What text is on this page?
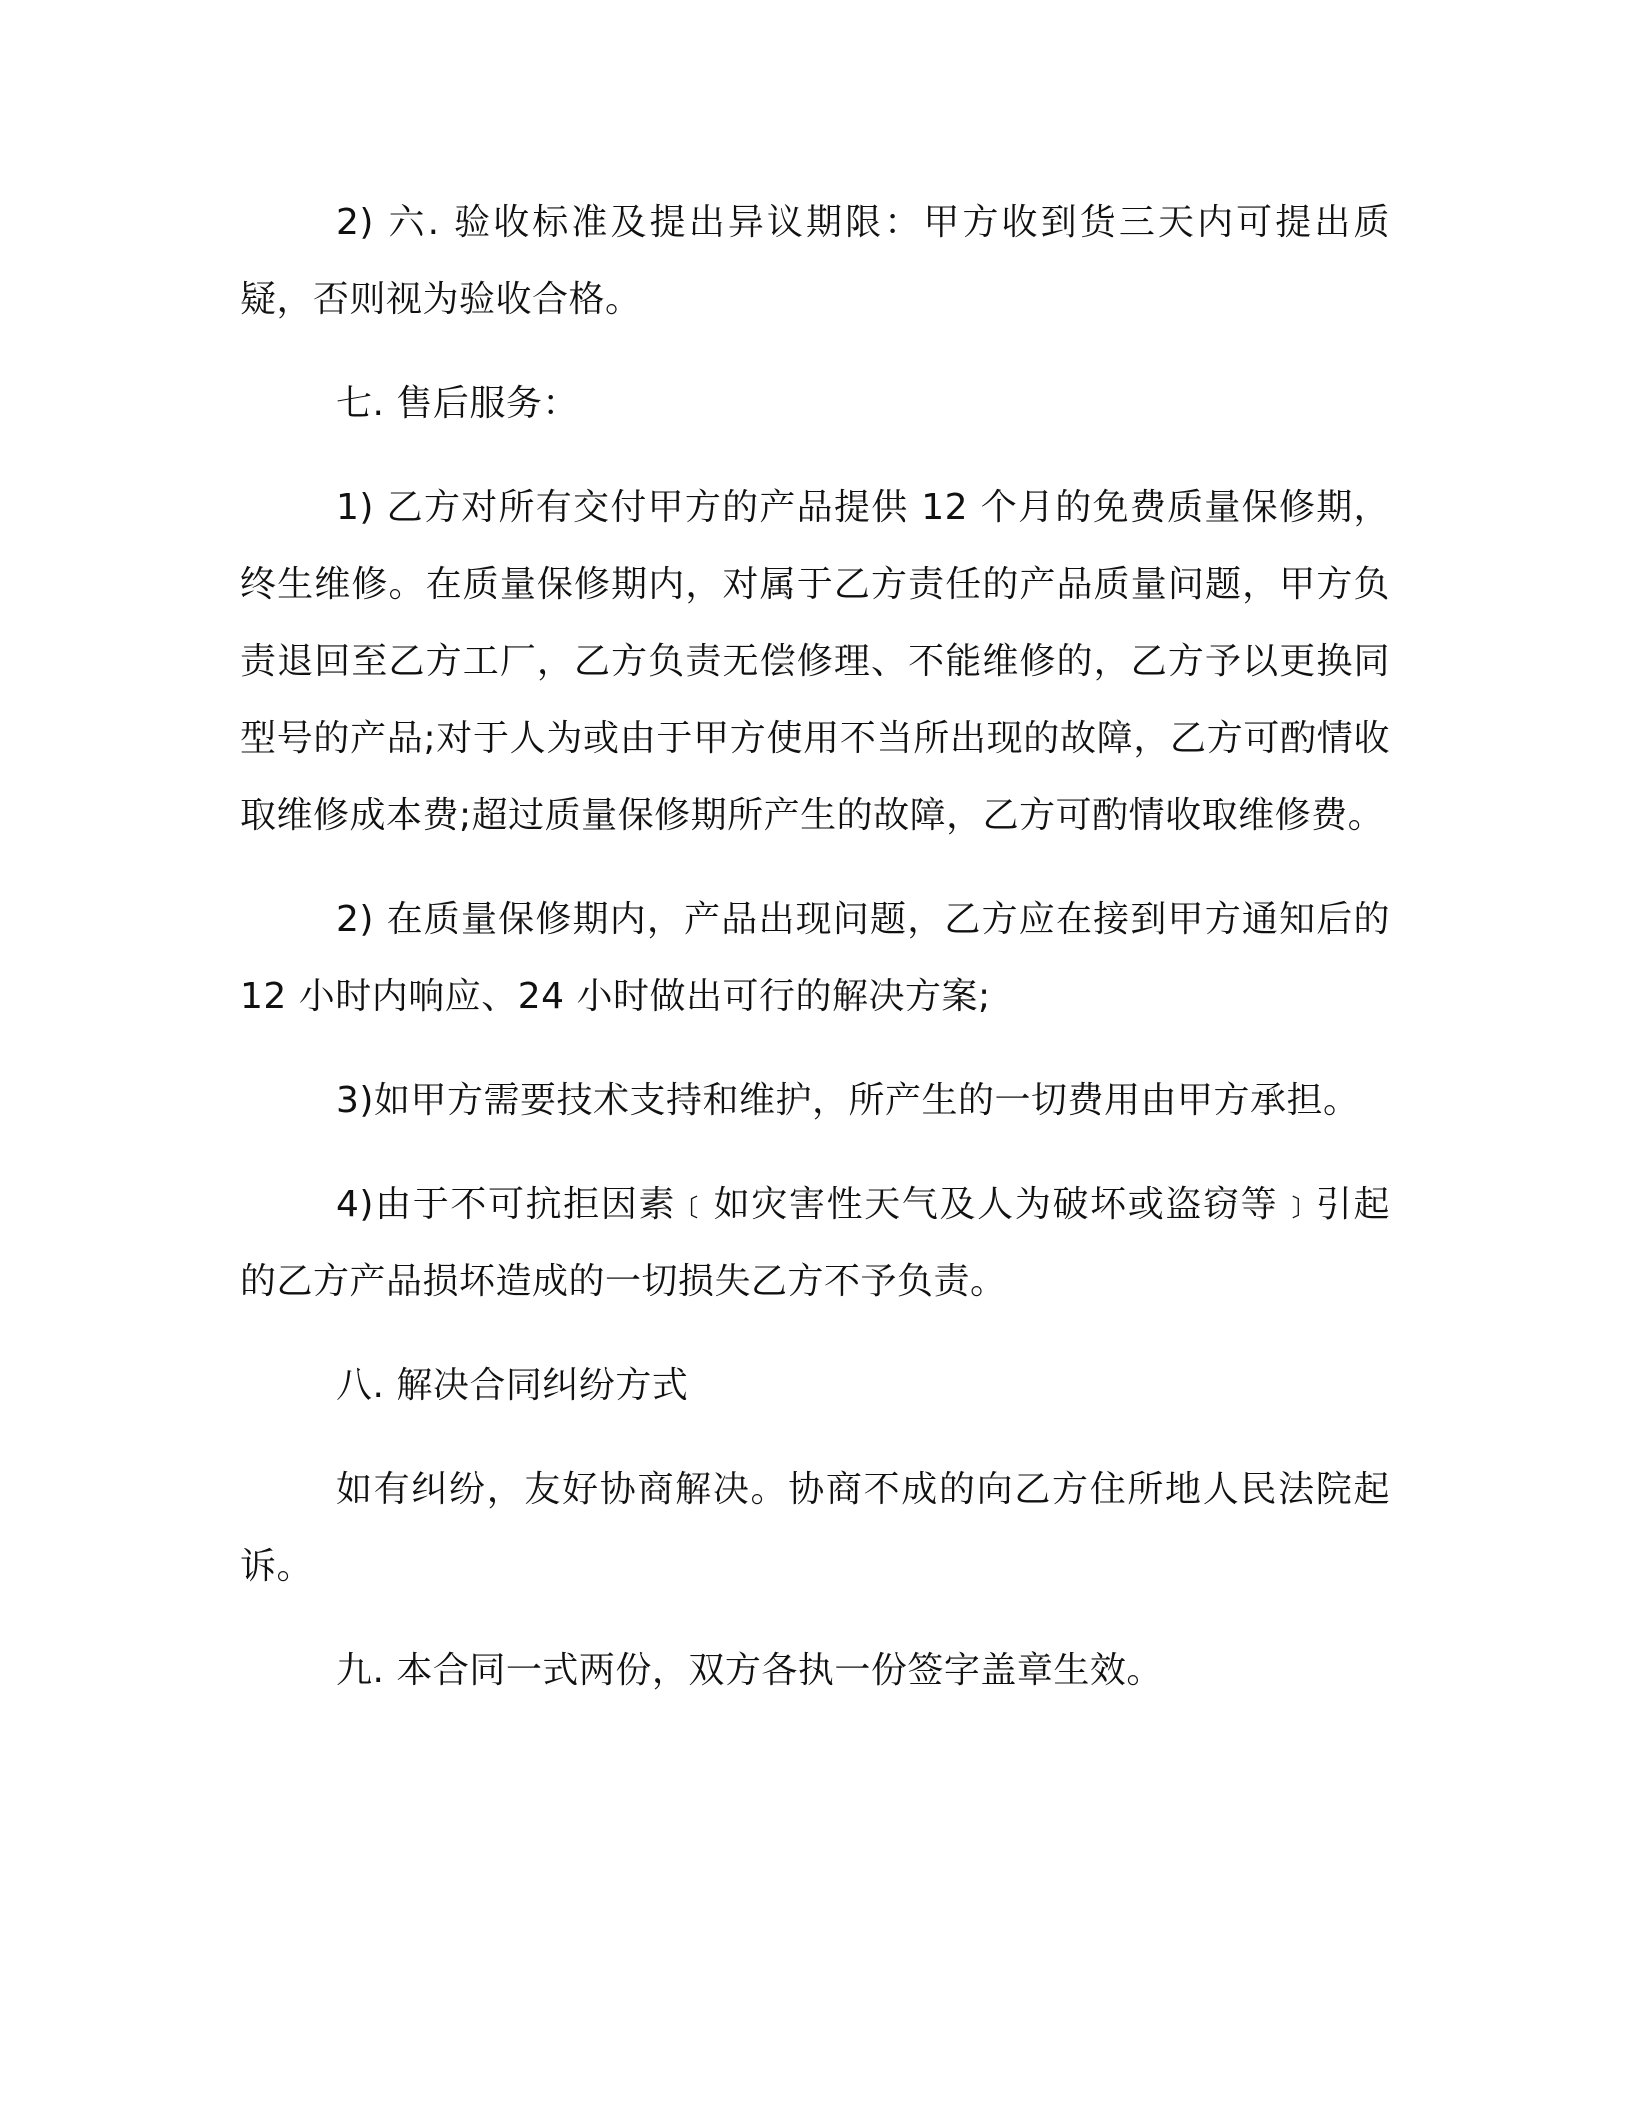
2) 六. 验收标准及提出异议期限：甲方收到货三天内可提出质疑，否则视为验收合格。

七. 售后服务：

1) 乙方对所有交付甲方的产品提供 12 个月的免费质量保修期，终生维修。在质量保修期内，对属于乙方责任的产品质量问题，甲方负责退回至乙方工厂，乙方负责无偿修理、不能维修的，乙方予以更换同型号的产品;对于人为或由于甲方使用不当所出现的故障，乙方可酌情收取维修成本费;超过质量保修期所产生的故障，乙方可酌情收取维修费。

2) 在质量保修期内，产品出现问题，乙方应在接到甲方通知后的 12 小时内响应、24 小时做出可行的解决方案;

3)如甲方需要技术支持和维护，所产生的一切费用由甲方承担。

4)由于不可抗拒因素﹝如灾害性天气及人为破坏或盗窃等﹞引起的乙方产品损坏造成的一切损失乙方不予负责。

八. 解决合同纠纷方式

如有纠纷，友好协商解决。协商不成的向乙方住所地人民法院起诉。

九. 本合同一式两份，双方各执一份签字盖章生效。
